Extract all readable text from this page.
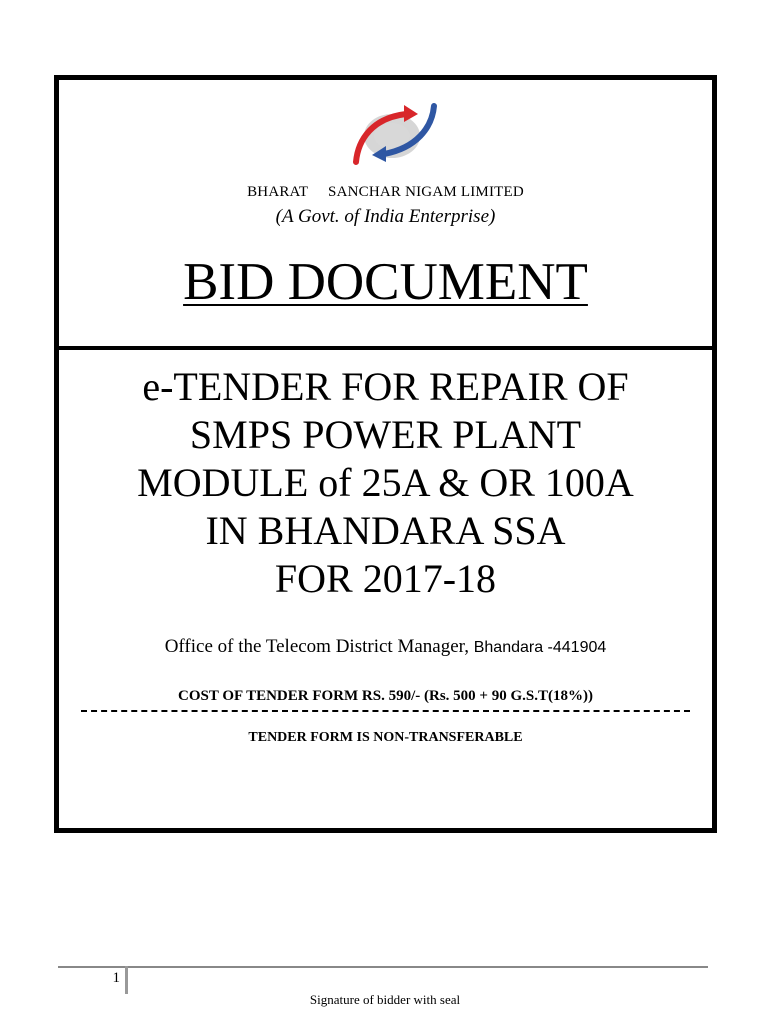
BHARAT SANCHAR NIGAM LIMITED
(A Govt. of India Enterprise)
BID DOCUMENT
e-TENDER FOR REPAIR OF
SMPS POWER PLANT
MODULE of 25A & OR 100A
IN BHANDARA SSA
FOR 2017-18
Office of the Telecom District Manager, Bhandara -441904
COST OF TENDER FORM RS. 590/- (Rs. 500 + 90 G.S.T(18%))
TENDER FORM IS NON-TRANSFERABLE
1
Signature of bidder with seal
